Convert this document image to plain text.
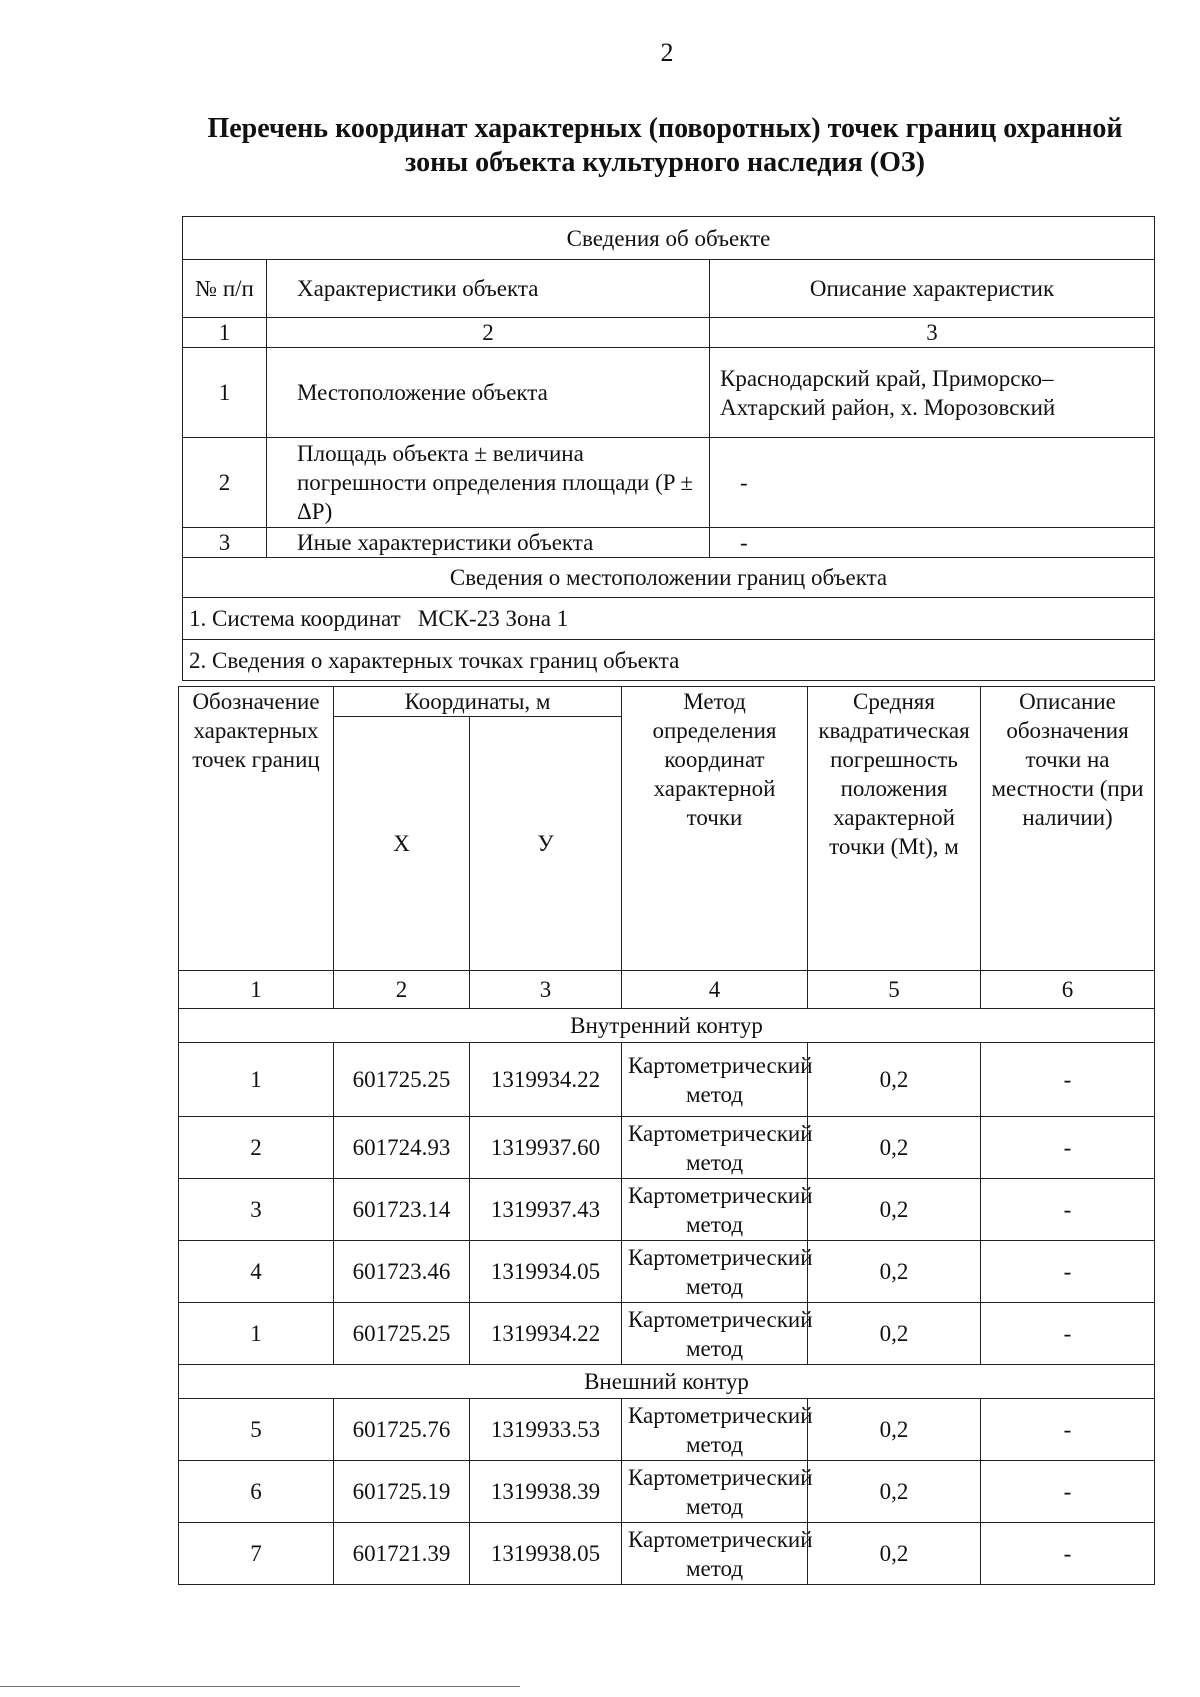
2
Перечень координат характерных (поворотных) точек границ охранной
зоны объекта культурного наследия (ОЗ)
Сведения об объекте		
№ п/п	Характеристики объекта	Описание характеристик
1	2	3
1	Местоположение объекта	Краснодарский край, Приморско–Ахтарский район, х. Морозовский
2	Площадь объекта ± величина погрешности определения площади (P ± ΔP)	-
3	Иные характеристики объекта	-
Сведения о местоположении границ объекта		
1. Система координат   МСК-23 Зона 1		
2. Сведения о характерных точках границ объекта		
Обозначение характерных точек границ	Координаты, м		Метод определения координат характерной точки	Средняя квадратическая погрешность положения характерной точки (Mt), м	Описание обозначения точки на местности (при наличии)
	X	У			
1	2	3	4	5	6
Внутренний контур					
1	601725.25	1319934.22	Картометрический метод	0,2	-
2	601724.93	1319937.60	Картометрический метод	0,2	-
3	601723.14	1319937.43	Картометрический метод	0,2	-
4	601723.46	1319934.05	Картометрический метод	0,2	-
1	601725.25	1319934.22	Картометрический метод	0,2	-
Внешний контур					
5	601725.76	1319933.53	Картометрический метод	0,2	-
6	601725.19	1319938.39	Картометрический метод	0,2	-
7	601721.39	1319938.05	Картометрический метод	0,2	-
